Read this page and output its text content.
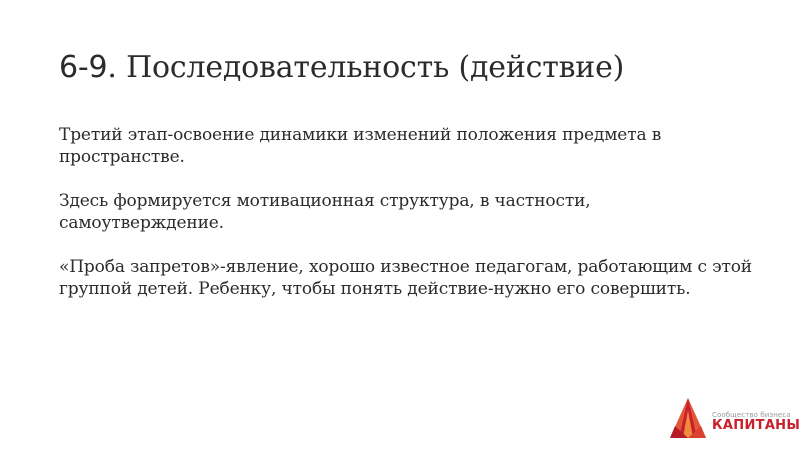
6-9. Последовательность (действие)

Третий этап-освоение динамики изменений положения предмета в пространстве.

Здесь формируется мотивационная структура, в частности, самоутверждение.

«Проба запретов»-явление, хорошо известное педагогам, работающим с этой группой детей. Ребенку, чтобы понять действие-нужно его совершить.

Сообщество бизнеса
КАПИТАНЫ
